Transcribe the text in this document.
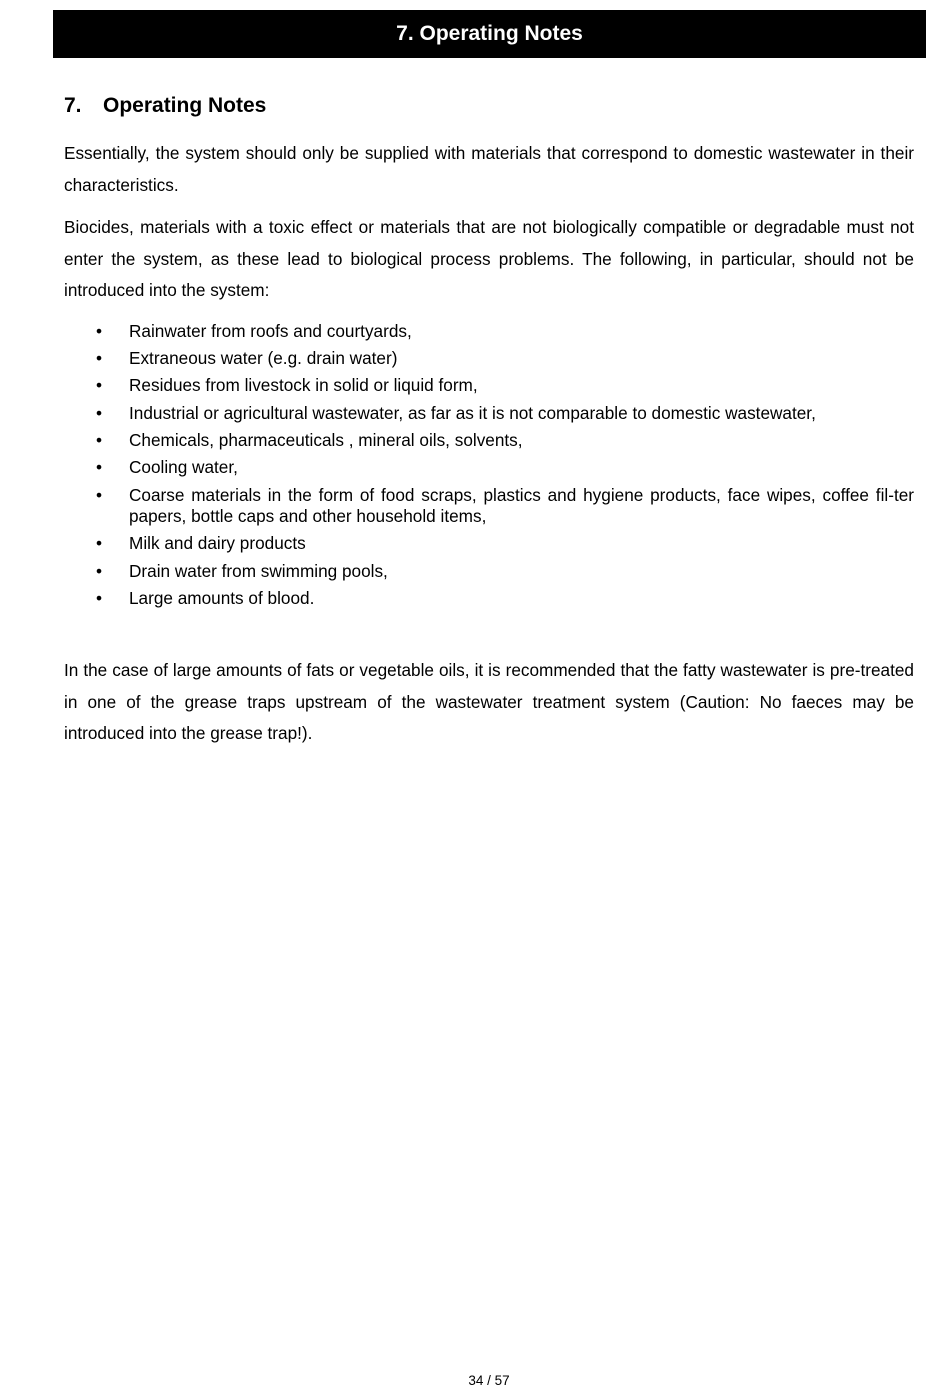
7. Operating Notes
7. Operating Notes

Essentially, the system should only be supplied with materials that correspond to domestic wastewater in their characteristics.

Biocides, materials with a toxic effect or materials that are not biologically compatible or degradable must not enter the system, as these lead to biological process problems. The following, in particular, should not be introduced into the system:

• Rainwater from roofs and courtyards,
• Extraneous water (e.g. drain water)
• Residues from livestock in solid or liquid form,
• Industrial or agricultural wastewater, as far as it is not comparable to domestic wastewater,
• Chemicals, pharmaceuticals , mineral oils, solvents,
• Cooling water,
• Coarse materials in the form of food scraps, plastics and hygiene products, face wipes, coffee fil-ter papers, bottle caps and other household items,
• Milk and dairy products
• Drain water from swimming pools,
• Large amounts of blood.

In the case of large amounts of fats or vegetable oils, it is recommended that the fatty wastewater is pre-treated in one of the grease traps upstream of the wastewater treatment system (Caution: No faeces may be introduced into the grease trap!).

34 / 57
